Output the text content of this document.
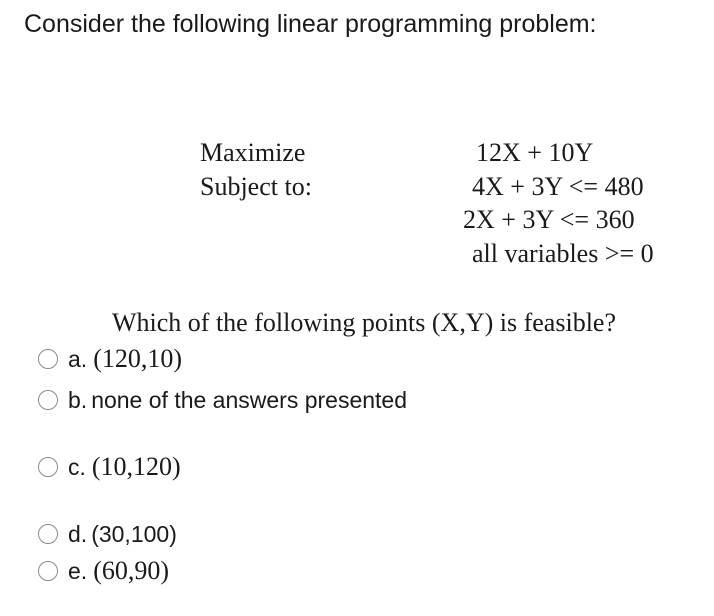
Consider the following linear programming problem:
Maximize
Subject to:
12X + 10Y
4X + 3Y <= 480
2X + 3Y <= 360
all variables >= 0
Which of the following points (X,Y) is feasible?
a. (120,10)
b. none of the answers presented
c. (10,120)
d. (30,100)
e. (60,90)
